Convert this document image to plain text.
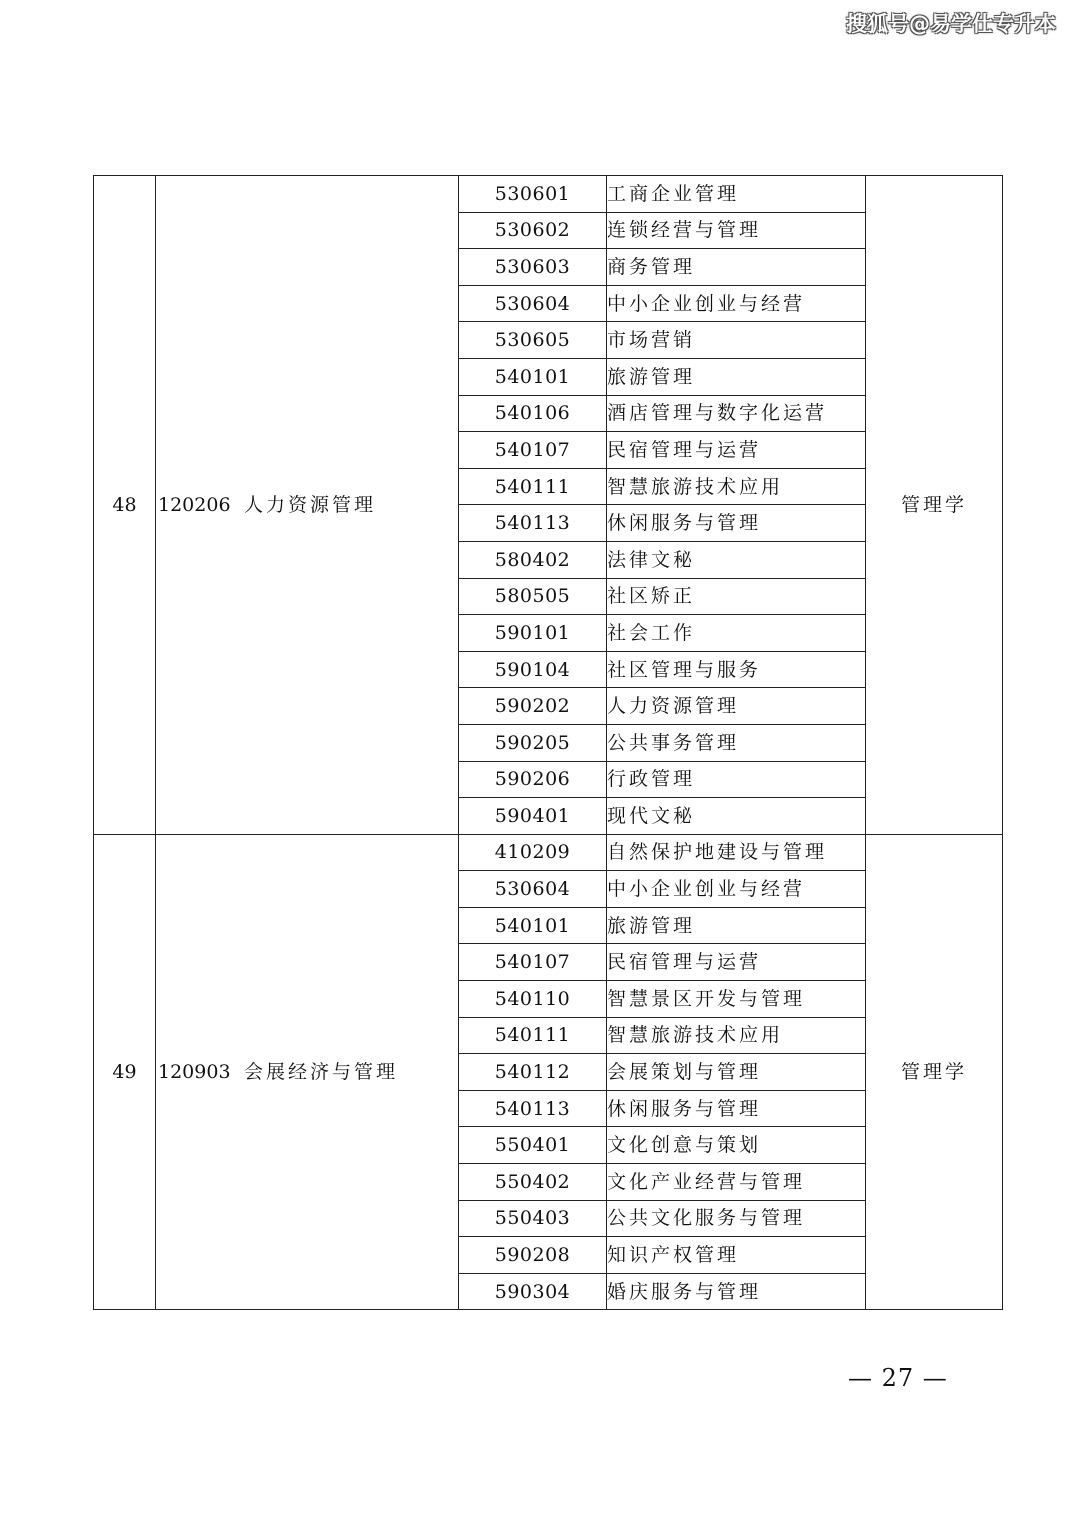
搜狐号@易学仕专升本
48	120206 人力资源管理	530601	工商企业管理	管理学
		530602	连锁经营与管理	
		530603	商务管理	
		530604	中小企业创业与经营	
		530605	市场营销	
		540101	旅游管理	
		540106	酒店管理与数字化运营	
		540107	民宿管理与运营	
		540111	智慧旅游技术应用	
		540113	休闲服务与管理	
		580402	法律文秘	
		580505	社区矫正	
		590101	社会工作	
		590104	社区管理与服务	
		590202	人力资源管理	
		590205	公共事务管理	
		590206	行政管理	
		590401	现代文秘	
49	120903 会展经济与管理	410209	自然保护地建设与管理	管理学
		530604	中小企业创业与经营	
		540101	旅游管理	
		540107	民宿管理与运营	
		540110	智慧景区开发与管理	
		540111	智慧旅游技术应用	
		540112	会展策划与管理	
		540113	休闲服务与管理	
		550401	文化创意与策划	
		550402	文化产业经营与管理	
		550403	公共文化服务与管理	
		590208	知识产权管理	
		590304	婚庆服务与管理	
— 27 —
